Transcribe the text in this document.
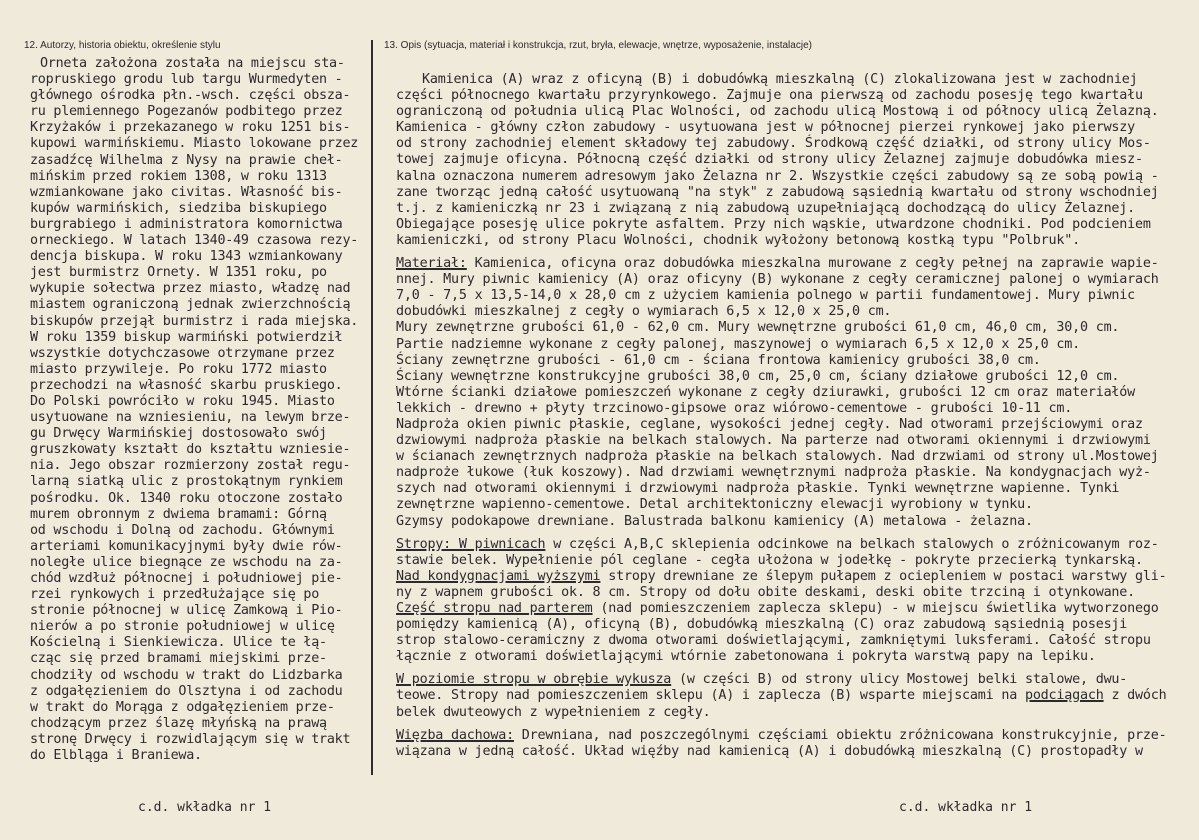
12. Autorzy, historia obiektu, określenie stylu	13. Opis (sytuacja, materiał i konstrukcja, rzut, bryła, elewacje, wnętrze, wyposażenie, instalacje)
Orneta założona została na miejscu sta-
ropruskiego grodu lub targu Wurmedyten -
głównego ośrodka płn.-wsch. części obsza-
ru plemiennego Pogezanów podbitego przez
Krzyżaków i przekazanego w roku 1251 bis-
kupowi warmińskiemu. Miasto lokowane przez
zasadźcę Wilhelma z Nysy na prawie cheł-
mińskim przed rokiem 1308, w roku 1313
wzmiankowane jako civitas. Własność bis-
kupów warmińskich, siedziba biskupiego
burgrabiego i administratora komornictwa
orneckiego. W latach 1340-49 czasowa rezy-
dencja biskupa. W roku 1343 wzmiankowany
jest burmistrz Ornety. W 1351 roku, po
wykupie sołectwa przez miasto, władzę nad
miastem ograniczoną jednak zwierzchnością
biskupów przejął burmistrz i rada miejska.
W roku 1359 biskup warmiński potwierdził
wszystkie dotychczasowe otrzymane przez
miasto przywileje. Po roku 1772 miasto
przechodzi na własność skarbu pruskiego.
Do Polski powróciło w roku 1945. Miasto
usytuowane na wzniesieniu, na lewym brze-
gu Drwęcy Warmińskiej dostosowało swój
gruszkowaty kształt do kształtu wzniesie-
nia. Jego obszar rozmierzony został regu-
larną siatką ulic z prostokątnym rynkiem
pośrodku. Ok. 1340 roku otoczone zostało
murem obronnym z dwiema bramami: Górną
od wschodu i Dolną od zachodu. Głównymi
arteriami komunikacyjnymi były dwie rów-
noległe ulice biegnące ze wschodu na za-
chód wzdłuż północnej i południowej pie-
rzei rynkowych i przedłużające się po
stronie północnej w ulicę Zamkową i Pio-
nierów a po stronie południowej w ulicę
Kościelną i Sienkiewicza. Ulice te łą-
cząc się przed bramami miejskimi prze-
chodziły od wschodu w trakt do Lidzbarka
z odgałęzieniem do Olsztyna i od zachodu
w trakt do Morąga z odgałęzieniem prze-
chodzącym przez ślazę młyńską na prawą
stronę Drwęcy i rozwidlającym się w trakt
do Elbląga i Braniewa.
Kamienica (A) wraz z oficyną (B) i dobudówką mieszkalną (C) zlokalizowana jest w zachodniej
części północnego kwartału przyrynkowego. Zajmuje ona pierwszą od zachodu posesję tego kwartału
ograniczoną od południa ulicą Plac Wolności, od zachodu ulicą Mostową i od północy ulicą Żelazną.
Kamienica - główny człon zabudowy - usytuowana jest w północnej pierzei rynkowej jako pierwszy
od strony zachodniej element składowy tej zabudowy. Środkową część działki, od strony ulicy Mos-
towej zajmuje oficyna. Północną część działki od strony ulicy Żelaznej zajmuje dobudówka miesz-
kalna oznaczona numerem adresowym jako Żelazna nr 2. Wszystkie części zabudowy są ze sobą powią -
zane tworząc jedną całość usytuowaną "na styk" z zabudową sąsiednią kwartału od strony wschodniej
t.j. z kamieniczką nr 23 i związaną z nią zabudową uzupełniającą dochodzącą do ulicy Żelaznej.
Obiegające posesję ulice pokryte asfaltem. Przy nich wąskie, utwardzone chodniki. Pod podcieniem
kamieniczki, od strony Placu Wolności, chodnik wyłożony betonową kostką typu "Polbruk".
Materiał: Kamienica, oficyna oraz dobudówka mieszkalna murowane z cegły pełnej na zaprawie wapie-
nnej. Mury piwnic kamienicy (A) oraz oficyny (B) wykonane z cegły ceramicznej palonej o wymiarach
7,0 - 7,5 x 13,5-14,0 x 28,0 cm z użyciem kamienia polnego w partii fundamentowej. Mury piwnic
dobudówki mieszkalnej z cegły o wymiarach 6,5 x 12,0 x 25,0 cm.
Mury zewnętrzne grubości 61,0 - 62,0 cm. Mury wewnętrzne grubości 61,0 cm, 46,0 cm, 30,0 cm.
Partie nadziemne wykonane z cegły palonej, maszynowej o wymiarach 6,5 x 12,0 x 25,0 cm.
Ściany zewnętrzne grubości - 61,0 cm - ściana frontowa kamienicy grubości 38,0 cm.
Ściany wewnętrzne konstrukcyjne grubości 38,0 cm, 25,0 cm, ściany działowe grubości 12,0 cm.
Wtórne ścianki działowe pomieszczeń wykonane z cegły dziurawki, grubości 12 cm oraz materiałów
lekkich - drewno + płyty trzcinowo-gipsowe oraz wiórowo-cementowe - grubości 10-11 cm.
Nadproża okien piwnic płaskie, ceglane, wysokości jednej cegły. Nad otworami przejściowymi oraz
dzwiowymi nadproża płaskie na belkach stalowych. Na parterze nad otworami okiennymi i drzwiowymi
w ścianach zewnętrznych nadproża płaskie na belkach stalowych. Nad drzwiami od strony ul.Mostowej
nadproże łukowe (łuk koszowy). Nad drzwiami wewnętrznymi nadproża płaskie. Na kondygnacjach wyż-
szych nad otworami okiennymi i drzwiowymi nadproża płaskie. Tynki wewnętrzne wapienne. Tynki
zewnętrzne wapienno-cementowe. Detal architektoniczny elewacji wyrobiony w tynku.
Gzymsy podokapowe drewniane. Balustrada balkonu kamienicy (A) metalowa - żelazna.
Stropy: W piwnicach w części A,B,C sklepienia odcinkowe na belkach stalowych o zróżnicowanym roz-
stawie belek. Wypełnienie pól ceglane - cegła ułożona w jodełkę - pokryte przecierką tynkarską.
Nad kondygnacjami wyższymi stropy drewniane ze ślepym pułapem z ociepleniem w postaci warstwy gli-
ny z wapnem grubości ok. 8 cm. Stropy od dołu obite deskami, deski obite trzciną i otynkowane.
Część stropu nad parterem (nad pomieszczeniem zaplecza sklepu) - w miejscu świetlika wytworzonego
pomiędzy kamienicą (A), oficyną (B), dobudówką mieszkalną (C) oraz zabudową sąsiednią posesji
strop stalowo-ceramiczny z dwoma otworami doświetlającymi, zamkniętymi luksferami. Całość stropu
łącznie z otworami doświetlającymi wtórnie zabetonowana i pokryta warstwą papy na lepiku.
W poziomie stropu w obrębie wykusza (w części B) od strony ulicy Mostowej belki stalowe, dwu-
teowe. Stropy nad pomieszczeniem sklepu (A) i zaplecza (B) wsparte miejscami na podciągach z dwóch
belek dwuteowych z wypełnieniem z cegły.
Więzba dachowa: Drewniana, nad poszczególnymi częściami obiektu zróżnicowana konstrukcyjnie, prze-
wiązana w jedną całość. Układ więźby nad kamienicą (A) i dobudówką mieszkalną (C) prostopadły w
c.d. wkładka nr 1	c.d. wkładka nr 1
